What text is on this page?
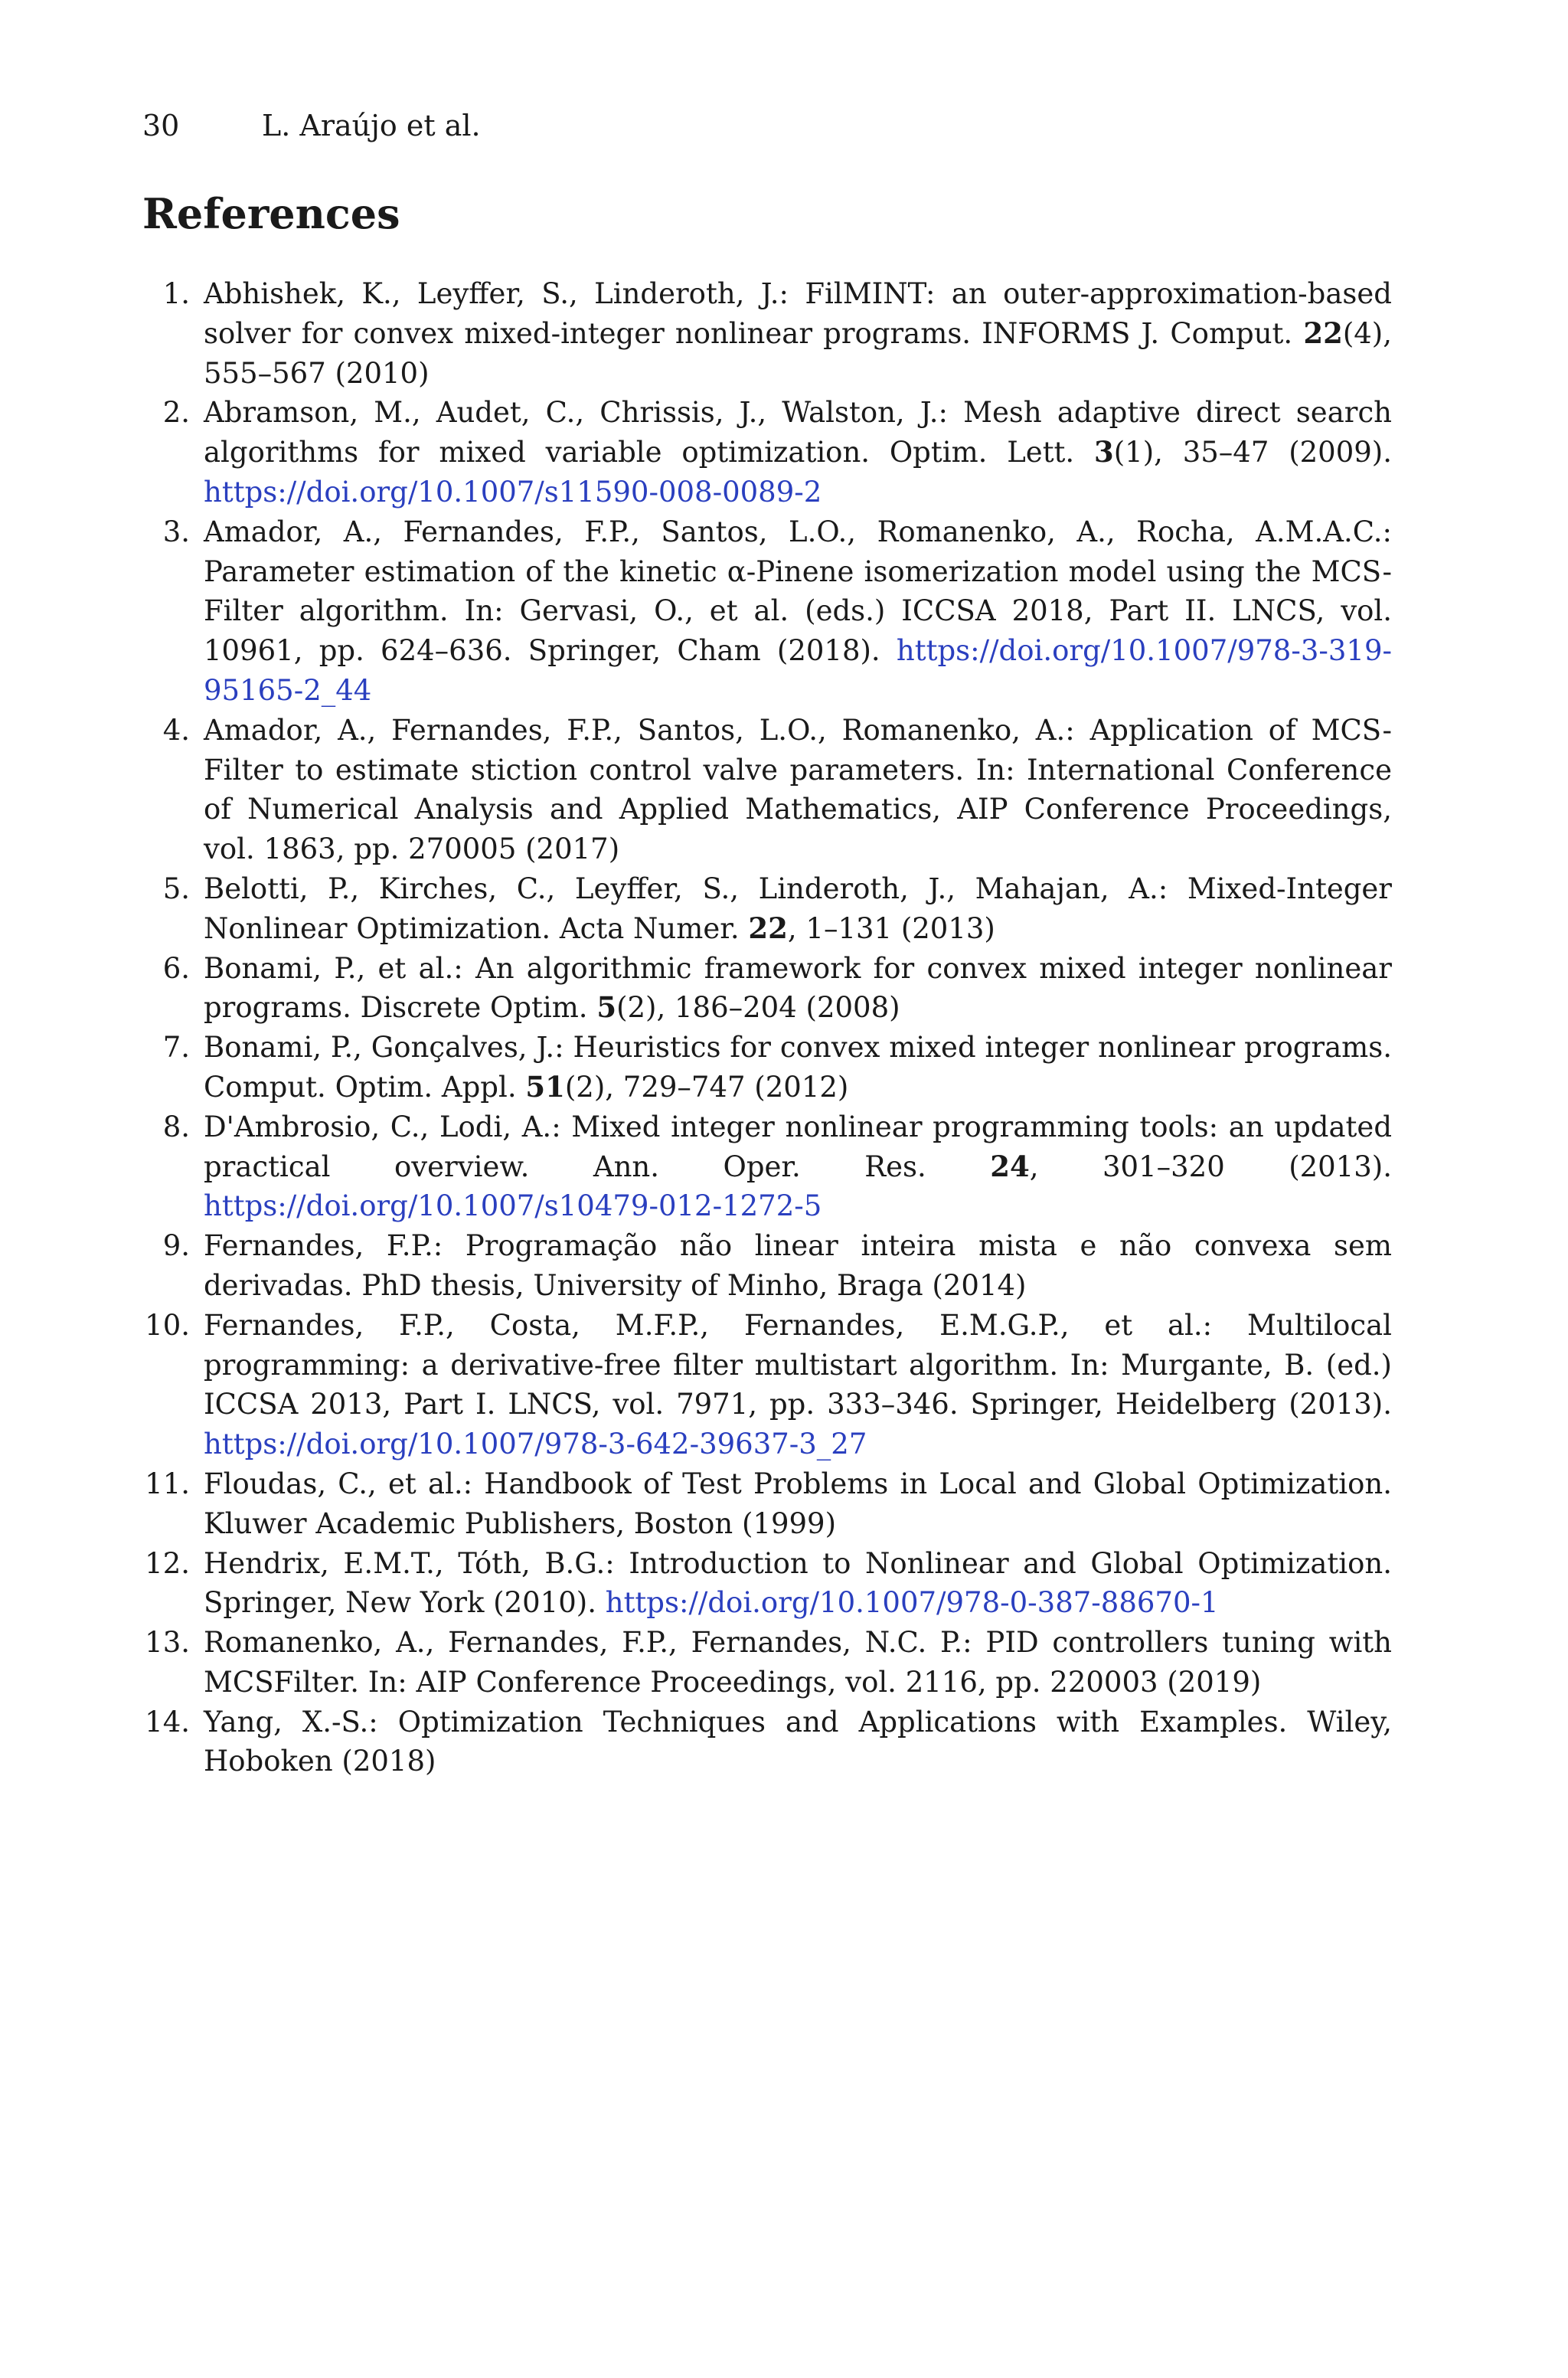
30	L. Araújo et al.
References
1. Abhishek, K., Leyffer, S., Linderoth, J.: FilMINT: an outer-approximation-based solver for convex mixed-integer nonlinear programs. INFORMS J. Comput. 22(4), 555–567 (2010)
2. Abramson, M., Audet, C., Chrissis, J., Walston, J.: Mesh adaptive direct search algorithms for mixed variable optimization. Optim. Lett. 3(1), 35–47 (2009). https://doi.org/10.1007/s11590-008-0089-2
3. Amador, A., Fernandes, F.P., Santos, L.O., Romanenko, A., Rocha, A.M.A.C.: Parameter estimation of the kinetic α-Pinene isomerization model using the MCS-Filter algorithm. In: Gervasi, O., et al. (eds.) ICCSA 2018, Part II. LNCS, vol. 10961, pp. 624–636. Springer, Cham (2018). https://doi.org/10.1007/978-3-319-95165-2_44
4. Amador, A., Fernandes, F.P., Santos, L.O., Romanenko, A.: Application of MCS-Filter to estimate stiction control valve parameters. In: International Conference of Numerical Analysis and Applied Mathematics, AIP Conference Proceedings, vol. 1863, pp. 270005 (2017)
5. Belotti, P., Kirches, C., Leyffer, S., Linderoth, J., Mahajan, A.: Mixed-Integer Nonlinear Optimization. Acta Numer. 22, 1–131 (2013)
6. Bonami, P., et al.: An algorithmic framework for convex mixed integer nonlinear programs. Discrete Optim. 5(2), 186–204 (2008)
7. Bonami, P., Gonçalves, J.: Heuristics for convex mixed integer nonlinear programs. Comput. Optim. Appl. 51(2), 729–747 (2012)
8. D'Ambrosio, C., Lodi, A.: Mixed integer nonlinear programming tools: an updated practical overview. Ann. Oper. Res. 24, 301–320 (2013). https://doi.org/10.1007/s10479-012-1272-5
9. Fernandes, F.P.: Programação não linear inteira mista e não convexa sem derivadas. PhD thesis, University of Minho, Braga (2014)
10. Fernandes, F.P., Costa, M.F.P., Fernandes, E.M.G.P., et al.: Multilocal programming: a derivative-free filter multistart algorithm. In: Murgante, B. (ed.) ICCSA 2013, Part I. LNCS, vol. 7971, pp. 333–346. Springer, Heidelberg (2013). https://doi.org/10.1007/978-3-642-39637-3_27
11. Floudas, C., et al.: Handbook of Test Problems in Local and Global Optimization. Kluwer Academic Publishers, Boston (1999)
12. Hendrix, E.M.T., Tóth, B.G.: Introduction to Nonlinear and Global Optimization. Springer, New York (2010). https://doi.org/10.1007/978-0-387-88670-1
13. Romanenko, A., Fernandes, F.P., Fernandes, N.C. P.: PID controllers tuning with MCSFilter. In: AIP Conference Proceedings, vol. 2116, pp. 220003 (2019)
14. Yang, X.-S.: Optimization Techniques and Applications with Examples. Wiley, Hoboken (2018)
